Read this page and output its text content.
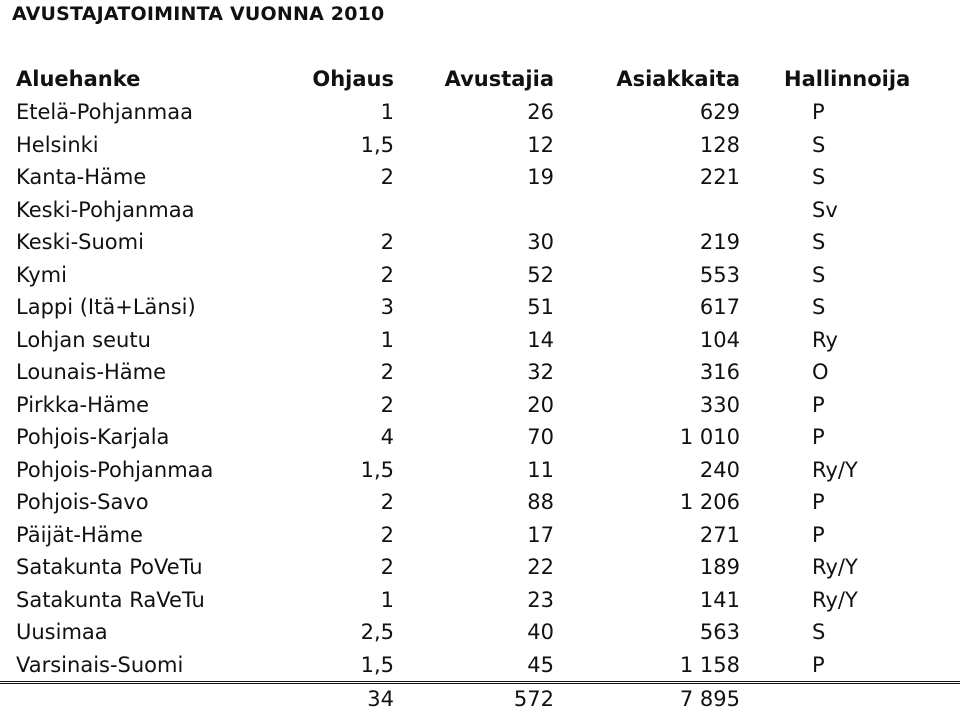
AVUSTAJATOIMINTA VUONNA 2010
Aluehanke	Ohjaus	Avustajia	Asiakkaita	Hallinnoija
Etelä-Pohjanmaa	1	26	629	P
Helsinki	1,5	12	128	S
Kanta-Häme	2	19	221	S
Keski-Pohjanmaa				Sv
Keski-Suomi	2	30	219	S
Kymi	2	52	553	S
Lappi (Itä+Länsi)	3	51	617	S
Lohjan seutu	1	14	104	Ry
Lounais-Häme	2	32	316	O
Pirkka-Häme	2	20	330	P
Pohjois-Karjala	4	70	1 010	P
Pohjois-Pohjanmaa	1,5	11	240	Ry/Y
Pohjois-Savo	2	88	1 206	P
Päijät-Häme	2	17	271	P
Satakunta PoVeTu	2	22	189	Ry/Y
Satakunta RaVeTu	1	23	141	Ry/Y
Uusimaa	2,5	40	563	S
Varsinais-Suomi	1,5	45	1 158	P
	34	572	7 895	
